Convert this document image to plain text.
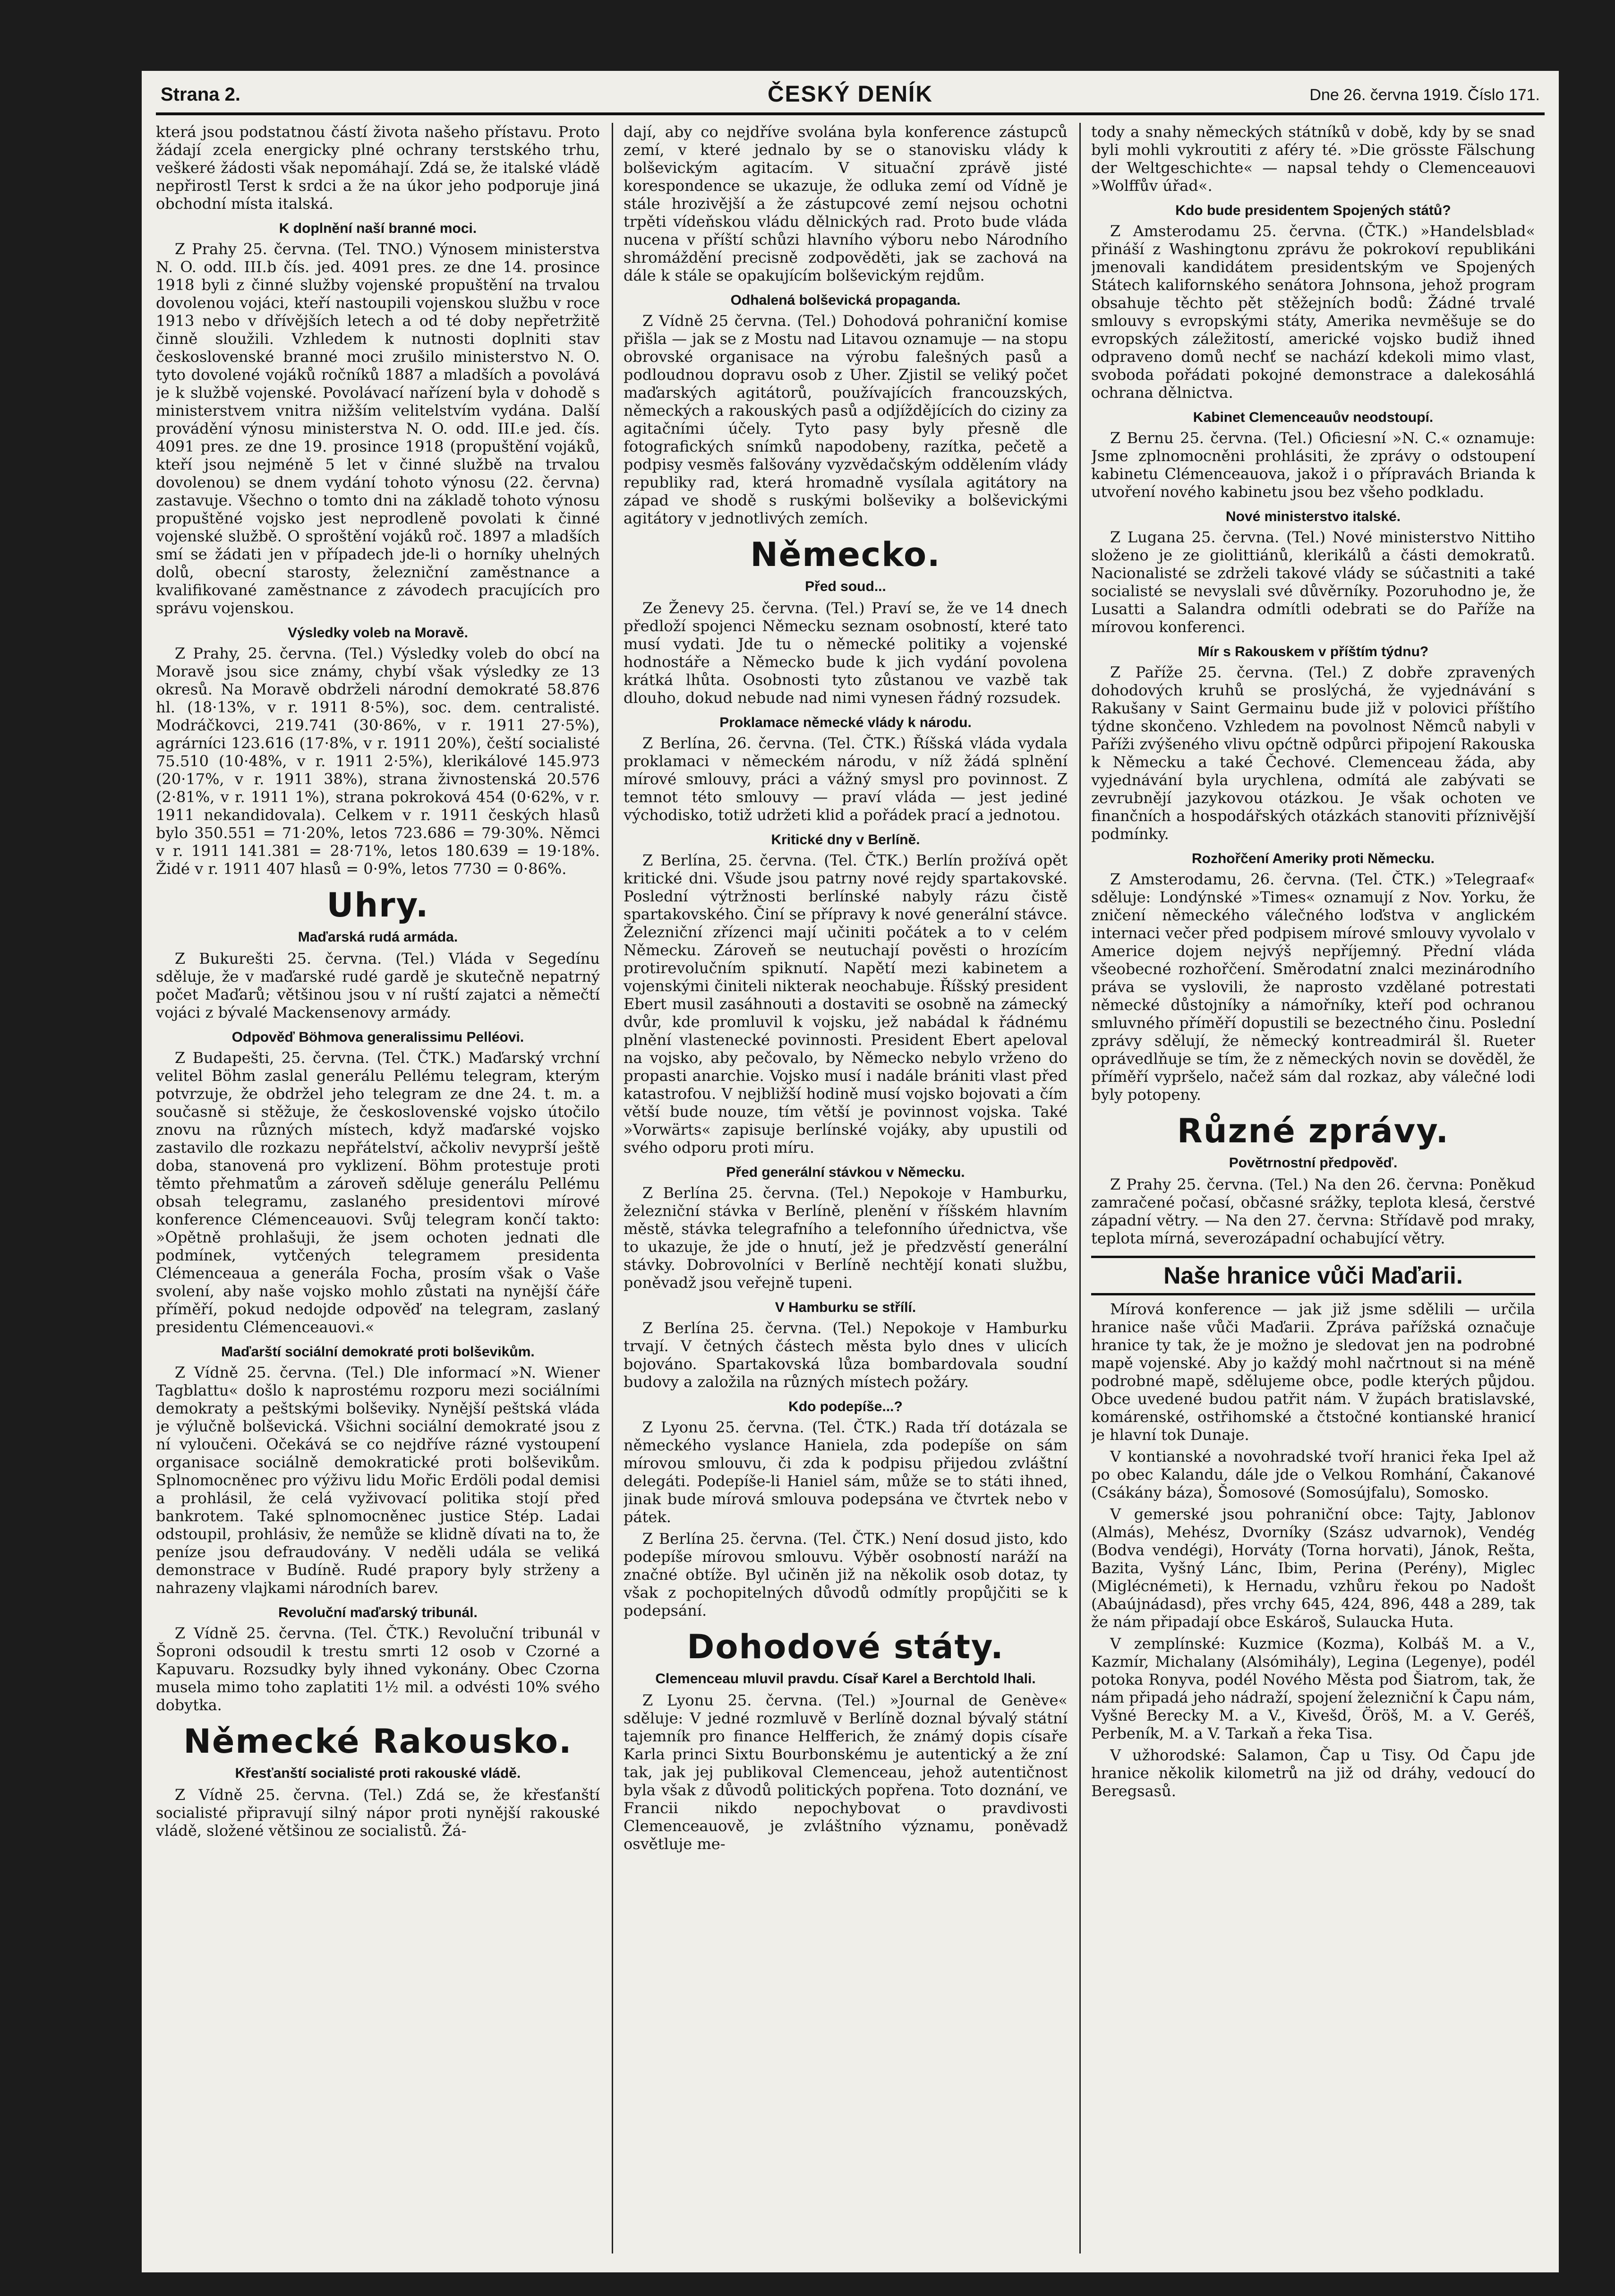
Strana 2.	ČESKÝ DENÍK	Dne 26. června 1919. Číslo 171.

která jsou podstatnou částí života našeho přístavu. Proto žádají zcela energicky plné ochrany terstského trhu, veškeré žádosti však nepomáhají. Zdá se, že italské vládě nepřirostl Terst k srdci a že na úkor jeho podporuje jiná obchodní místa italská.

K doplnění naší branné moci.

Z Prahy 25. června. (Tel. TNO.) Výnosem ministerstva N. O. odd. III.b čís. jed. 4091 pres. ze dne 14. prosince 1918 byli z činné služby vojenské propuštění na trvalou dovolenou vojáci, kteří nastoupili vojenskou službu v roce 1913 nebo v dřívějších letech a od té doby nepřetržitě činně sloužili. Vzhledem k nutnosti doplniti stav československé branné moci zrušilo ministerstvo N. O. tyto dovolené vojáků ročníků 1887 a mladších a povolává je k službě vojenské. Povolávací nařízení byla v dohodě s ministerstvem vnitra nižším velitelstvím vydána. Další provádění výnosu ministerstva N. O. odd. III.e jed. čís. 4091 pres. ze dne 19. prosince 1918 (propuštění vojáků, kteří jsou nejméně 5 let v činné službě na trvalou dovolenou) se dnem vydání tohoto výnosu (22. června) zastavuje. Všechno o tomto dni na základě tohoto výnosu propuštěné vojsko jest neprodleně povolati k činné vojenské službě. O sproštění vojáků roč. 1897 a mladších smí se žádati jen v případech jde-li o horníky uhelných dolů, obecní starosty, železniční zaměstnance a kvalifikované zaměstnance z závodech pracujících pro správu vojenskou.

Výsledky voleb na Moravě.

Z Prahy, 25. června. (Tel.) Výsledky voleb do obcí na Moravě jsou sice známy, chybí však výsledky ze 13 okresů. Na Moravě obdrželi národní demokraté 58.876 hl. (18·13%, v r. 1911 8·5%), soc. dem. centralisté. Modráčkovci, 219.741 (30·86%, v r. 1911 27·5%), agrárníci 123.616 (17·8%, v r. 1911 20%), čeští socialisté 75.510 (10·48%, v r. 1911 2·5%), klerikálové 145.973 (20·17%, v r. 1911 38%), strana živnostenská 20.576 (2·81%, v r. 1911 1%), strana pokroková 454 (0·62%, v r. 1911 nekandidovala). Celkem v r. 1911 českých hlasů bylo 350.551 = 71·20%, letos 723.686 = 79·30%. Němci v r. 1911 141.381 = 28·71%, letos 180.639 = 19·18%. Židé v r. 1911 407 hlasů = 0·9%, letos 7730 = 0·86%.

Uhry.
Maďarská rudá armáda.

Z Bukurešti 25. června. (Tel.) Vláda v Segedínu sděluje, že v maďarské rudé gardě je skutečně nepatrný počet Maďarů; většinou jsou v ní ruští zajatci a němečtí vojáci z bývalé Mackensenovy armády.

Odpověď Böhmova generalissimu Pelléovi.

Z Budapešti, 25. června. (Tel. ČTK.) Maďarský vrchní velitel Böhm zaslal generálu Pellému telegram, kterým potvrzuje, že obdržel jeho telegram ze dne 24. t. m. a současně si stěžuje, že československé vojsko útočilo znovu na různých místech, když maďarské vojsko zastavilo dle rozkazu nepřátelství, ačkoliv nevyprší ještě doba, stanovená pro vyklizení. Böhm protestuje proti těmto přehmatům a zároveň sděluje generálu Pellému obsah telegramu, zaslaného presidentovi mírové konference Clémenceauovi. Svůj telegram končí takto: »Opětně prohlašuji, že jsem ochoten jednati dle podmínek, vytčených telegramem presidenta Clémenceaua a generála Focha, prosím však o Vaše svolení, aby naše vojsko mohlo zůstati na nynější čáře příměří, pokud nedojde odpověď na telegram, zaslaný presidentu Clémenceauovi.«

Maďarští sociální demokraté proti bolševikům.

Z Vídně 25. června. (Tel.) Dle informací »N. Wiener Tagblattu« došlo k naprostému rozporu mezi sociálními demokraty a peštskými bolševiky. Nynější peštská vláda je výlučně bolševická. Všichni sociální demokraté jsou z ní vyloučeni. Očekává se co nejdříve rázné vystoupení organisace sociálně demokratické proti bolševikům. Splnomocněnec pro výživu lidu Mořic Erdöli podal demisi a prohlásil, že celá vyživovací politika stojí před bankrotem. Také splnomocněnec justice Stép. Ladai odstoupil, prohlásiv, že nemůže se klidně dívati na to, že peníze jsou defraudovány. V neděli udála se veliká demonstrace v Budíně. Rudé prapory byly strženy a nahrazeny vlajkami národních barev.

Revoluční maďarský tribunál.

Z Vídně 25. června. (Tel. ČTK.) Revoluční tribunál v Šoproni odsoudil k trestu smrti 12 osob v Czorné a Kapuvaru. Rozsudky byly ihned vykonány. Obec Czorna musela mimo toho zaplatiti 1½ mil. a odvésti 10% svého dobytka.

Německé Rakousko.
Křesťanští socialisté proti rakouské vládě.

Z Vídně 25. června. (Tel.) Zdá se, že křesťanští socialisté připravují silný nápor proti nynější rakouské vládě, složené většinou ze socialistů. Žá-

dají, aby co nejdříve svolána byla konference zástupců zemí, v které jednalo by se o stanovisku vlády k bolševickým agitacím. V situační zprávě jisté korespondence se ukazuje, že odluka zemí od Vídně je stále hrozivější a že zástupcové zemí nejsou ochotni trpěti vídeňskou vládu dělnických rad. Proto bude vláda nucena v příští schůzi hlavního výboru nebo Národního shromáždění precisně zodpověděti, jak se zachová na dále k stále se opakujícím bolševickým rejdům.

Odhalená bolševická propaganda.

Z Vídně 25 června. (Tel.) Dohodová pohraniční komise přišla — jak se z Mostu nad Litavou oznamuje — na stopu obrovské organisace na výrobu falešných pasů a podloudnou dopravu osob z Uher. Zjistil se veliký počet maďarských agitátorů, používajících francouzských, německých a rakouských pasů a odjíždějících do ciziny za agitačními účely. Tyto pasy byly přesně dle fotografických snímků napodobeny, razítka, pečetě a podpisy vesměs falšovány vyzvědačským oddělením vlády republiky rad, která hromadně vysílala agitátory na západ ve shodě s ruskými bolševiky a bolševickými agitátory v jednotlivých zemích.

Německo.
Před soud...

Ze Ženevy 25. června. (Tel.) Praví se, že ve 14 dnech předloží spojenci Německu seznam osobností, které tato musí vydati. Jde tu o německé politiky a vojenské hodnostáře a Německo bude k jich vydání povolena krátká lhůta. Osobnosti tyto zůstanou ve vazbě tak dlouho, dokud nebude nad nimi vynesen řádný rozsudek.

Proklamace německé vlády k národu.

Z Berlína, 26. června. (Tel. ČTK.) Říšská vláda vydala proklamaci v německém národu, v níž žádá splnění mírové smlouvy, práci a vážný smysl pro povinnost. Z temnot této smlouvy — praví vláda — jest jediné východisko, totiž udržeti klid a pořádek prací a jednotou.

Kritické dny v Berlíně.

Z Berlína, 25. června. (Tel. ČTK.) Berlín prožívá opět kritické dni. Všude jsou patrny nové rejdy spartakovské. Poslední výtržnosti berlínské nabyly rázu čistě spartakovského. Činí se přípravy k nové generální stávce. Železniční zřízenci mají učiniti počátek a to v celém Německu. Zároveň se neutuchají pověsti o hrozícím protirevolučním spiknutí. Napětí mezi kabinetem a vojenskými činiteli nikterak neochabuje. Říšský president Ebert musil zasáhnouti a dostaviti se osobně na zámecký dvůr, kde promluvil k vojsku, jež nabádal k řádnému plnění vlastenecké povinnosti. President Ebert apeloval na vojsko, aby pečovalo, by Německo nebylo vrženo do propasti anarchie. Vojsko musí i nadále brániti vlast před katastrofou. V nejbližší hodině musí vojsko bojovati a čím větší bude nouze, tím větší je povinnost vojska. Také »Vorwärts« zapisuje berlínské vojáky, aby upustili od svého odporu proti míru.

Před generální stávkou v Německu.

Z Berlína 25. června. (Tel.) Nepokoje v Hamburku, železniční stávka v Berlíně, plenění v říšském hlavním městě, stávka telegrafního a telefonního úřednictva, vše to ukazuje, že jde o hnutí, jež je předzvěstí generální stávky. Dobrovolníci v Berlíně nechtějí konati službu, poněvadž jsou veřejně tupeni.

V Hamburku se střílí.

Z Berlína 25. června. (Tel.) Nepokoje v Hamburku trvají. V četných částech města bylo dnes v ulicích bojováno. Spartakovská lůza bombardovala soudní budovy a založila na různých místech požáry.

Kdo podepíše...?

Z Lyonu 25. června. (Tel. ČTK.) Rada tří dotázala se německého vyslance Haniela, zda podepíše on sám mírovou smlouvu, či zda k podpisu přijedou zvláštní delegáti. Podepíše-li Haniel sám, může se to státi ihned, jinak bude mírová smlouva podepsána ve čtvrtek nebo v pátek.

Z Berlína 25. června. (Tel. ČTK.) Není dosud jisto, kdo podepíše mírovou smlouvu. Výběr osobností naráží na značné obtíže. Byl učiněn již na několik osob dotaz, ty však z pochopitelných důvodů odmítly propůjčiti se k podepsání.

Dohodové státy.
Clemenceau mluvil pravdu. Císař Karel a Berchtold lhali.

Z Lyonu 25. června. (Tel.) »Journal de Genève« sděluje: V jedné rozmluvě v Berlíně doznal bývalý státní tajemník pro finance Helfferich, že známý dopis císaře Karla princi Sixtu Bourbonskému je autentický a že zní tak, jak jej publikoval Clemenceau, jehož autentičnost byla však z důvodů politických popřena. Toto doznání, ve Francii nikdo nepochybovat o pravdivosti Clemenceauově, je zvláštního významu, poněvadž osvětluje me-

tody a snahy německých státníků v době, kdy by se snad byli mohli vykroutiti z aféry té. »Die grösste Fälschung der Weltgeschichte« — napsal tehdy o Clemenceauovi »Wolffův úřad«.

Kdo bude presidentem Spojených států?

Z Amsterodamu 25. června. (ČTK.) »Handelsblad« přináší z Washingtonu zprávu že pokrokoví republikáni jmenovali kandidátem presidentským ve Spojených Státech kalifornského senátora Johnsona, jehož program obsahuje těchto pět stěžejních bodů: Žádné trvalé smlouvy s evropskými státy, Amerika nevměšuje se do evropských záležitostí, americké vojsko budiž ihned odpraveno domů nechť se nachází kdekoli mimo vlast, svoboda pořádati pokojné demonstrace a dalekosáhlá ochrana dělnictva.

Kabinet Clemenceauův neodstoupí.

Z Bernu 25. června. (Tel.) Oficiesní »N. C.« oznamuje: Jsme zplnomocněni prohlásiti, že zprávy o odstoupení kabinetu Clémenceauova, jakož i o přípravách Brianda k utvoření nového kabinetu jsou bez všeho podkladu.

Nové ministerstvo italské.

Z Lugana 25. června. (Tel.) Nové ministerstvo Nittiho složeno je ze giolittiánů, klerikálů a části demokratů. Nacionalisté se zdrželi takové vlády se súčastniti a také socialisté se nevyslali své důvěrníky. Pozoruhodno je, že Lusatti a Salandra odmítli odebrati se do Paříže na mírovou konferenci.

Mír s Rakouskem v příštím týdnu?

Z Paříže 25. června. (Tel.) Z dobře zpravených dohodových kruhů se proslýchá, že vyjednávání s Rakušany v Saint Germainu bude již v polovici příštího týdne skončeno. Vzhledem na povolnost Němců nabyli v Paříži zvýšeného vlivu općtně odpůrci připojení Rakouska k Německu a také Čechové. Clemenceau žáda, aby vyjednávání byla urychlena, odmítá ale zabývati se zevrubnějí jazykovou otázkou. Je však ochoten ve finančních a hospodářských otázkách stanoviti příznivější podmínky.

Rozhořčení Ameriky proti Německu.

Z Amsterodamu, 26. června. (Tel. ČTK.) »Telegraaf« sděluje: Londýnské »Times« oznamují z Nov. Yorku, že zničení německého válečného loďstva v anglickém internaci večer před podpisem mírové smlouvy vyvolalo v Americe dojem nejvýš nepříjemný. Přední vláda všeobecné rozhořčení. Směrodatní znalci mezinárodního práva se vyslovili, že naprosto vzdělané potrestati německé důstojníky a námořníky, kteří pod ochranou smluvného příměří dopustili se bezectného činu. Poslední zprávy sdělují, že německý kontreadmirál šl. Rueter oprávedlňuje se tím, že z německých novin se dověděl, že příměří vypršelo, načež sám dal rozkaz, aby válečné lodi byly potopeny.

Různé zprávy.
Povětrnostní předpověď.

Z Prahy 25. června. (Tel.) Na den 26. června: Poněkud zamračené počasí, občasné srážky, teplota klesá, čerstvé západní větry. — Na den 27. června: Střídavě pod mraky, teplota mírná, severozápadní ochabující větry.

Naše hranice vůči Maďarii.

Mírová konference — jak již jsme sdělili — určila hranice naše vůči Maďarii. Zpráva pařížská označuje hranice ty tak, že je možno je sledovat jen na podrobné mapě vojenské. Aby jo každý mohl načrtnout si na méně podrobné mapě, sdělujeme obce, podle kterých půjdou. Obce uvedené budou patřit nám. V župách bratislavské, komárenské, ostřihomské a čtstočné kontianské hranicí je hlavní tok Dunaje.

V kontianské a novohradské tvoří hranici řeka Ipel až po obec Kalandu, dále jde o Velkou Romhání, Čakanové (Csákány báza), Šomosové (Somosújfalu), Somosko.

V gemerské jsou pohraniční obce: Tajty, Jablonov (Almás), Mehész, Dvorníky (Szász udvarnok), Vendég (Bodva vendégi), Horváty (Torna horvati), Jánok, Rešta, Bazita, Vyšný Lánc, Ibim, Perina (Perény), Miglec (Miglécnémeti), k Hernadu, vzhůru řekou po Nadošt (Abaújnádasd), přes vrchy 645, 424, 896, 448 a 289, tak že nám připadají obce Eskároš, Sulaucka Huta.

V zemplínské: Kuzmice (Kozma), Kolbáš M. a V., Kazmír, Michalany (Alsómihály), Legina (Legenye), podél potoka Ronyva, podél Nového Města pod Šiatrom, tak, že nám připadá jeho nádraží, spojení železniční k Čapu nám, Vyšné Berecky M. a V., Kivešd, Öröš, M. a V. Geréš, Perbeník, M. a V. Tarkaň a řeka Tisa.

V užhorodské: Salamon, Čap u Tisy. Od Čapu jde hranice několik kilometrů na již od dráhy, vedoucí do Beregsasů.
